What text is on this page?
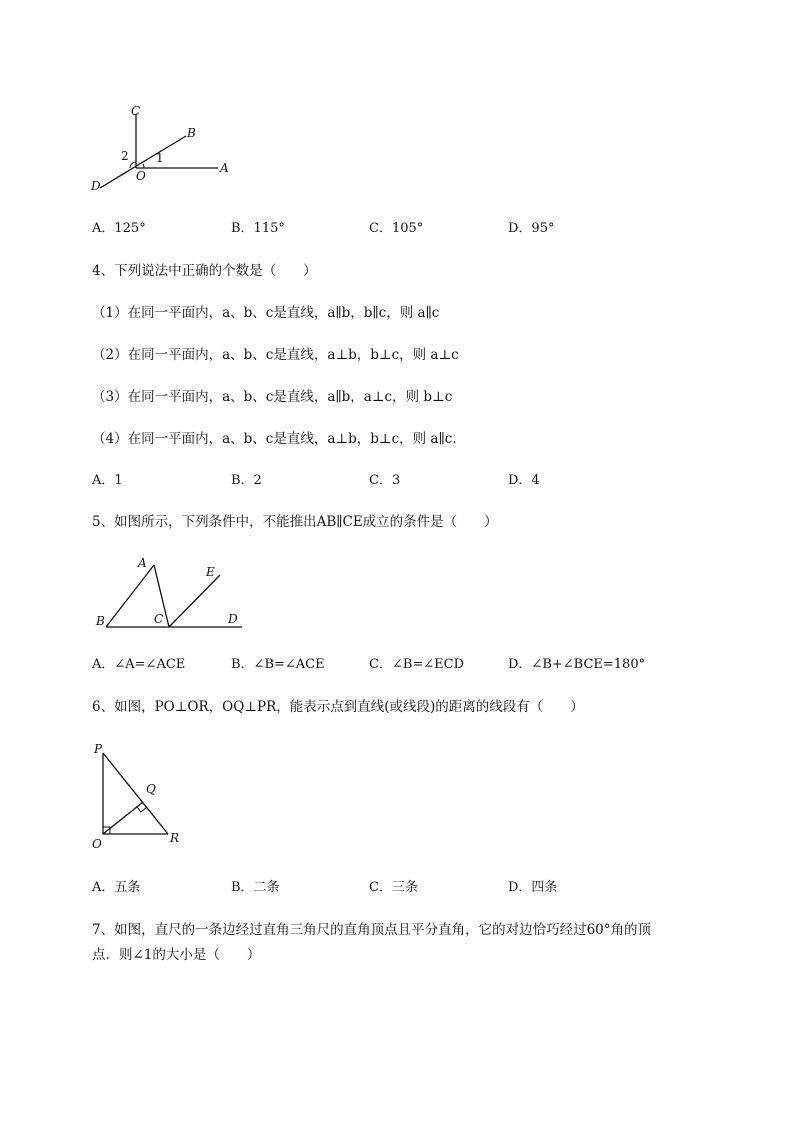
C
B
A
D
O
1
2
A．125°	B．115°	C．105°	D．95°
4、下列说法中正确的个数是（　　）
（1）在同一平面内，a、b、c是直线，a∥b，b∥c，则 a∥c
（2）在同一平面内，a、b、c是直线，a⊥b，b⊥c，则 a⊥c
（3）在同一平面内，a、b、c是直线，a∥b，a⊥c，则 b⊥c
（4）在同一平面内，a、b、c是直线，a⊥b，b⊥c，则 a∥c.
A．1	B．2	C．3	D．4
5、如图所示，下列条件中，不能推出AB∥CE成立的条件是（　　）
A
E
B	C	D
A．∠A=∠ACE	B．∠B=∠ACE	C．∠B=∠ECD	D．∠B+∠BCE=180°
6、如图，PO⊥OR，OQ⊥PR，能表示点到直线(或线段)的距离的线段有（　　）
P
Q
O	R
A．五条	B．二条	C．三条	D．四条
7、如图，直尺的一条边经过直角三角尺的直角顶点且平分直角，它的对边恰巧经过60°角的顶
点．则∠1的大小是（　　）
